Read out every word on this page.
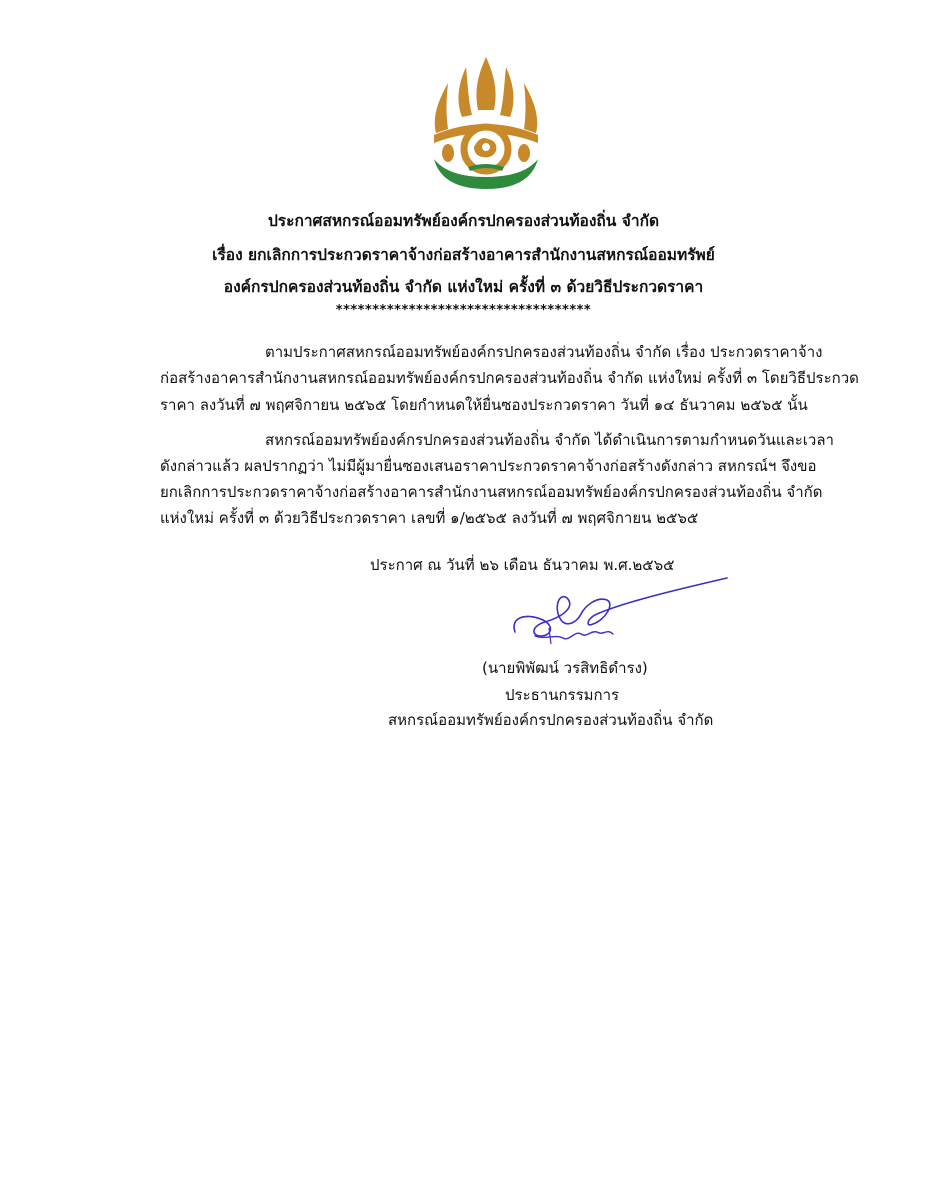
ประกาศสหกรณ์ออมทรัพย์องค์กรปกครองส่วนท้องถิ่น จำกัด
เรื่อง ยกเลิกการประกวดราคาจ้างก่อสร้างอาคารสำนักงานสหกรณ์ออมทรัพย์
องค์กรปกครองส่วนท้องถิ่น จำกัด แห่งใหม่ ครั้งที่ ๓ ด้วยวิธีประกวดราคา
***********************************
ตามประกาศสหกรณ์ออมทรัพย์องค์กรปกครองส่วนท้องถิ่น จำกัด เรื่อง ประกวดราคาจ้าง
ก่อสร้างอาคารสำนักงานสหกรณ์ออมทรัพย์องค์กรปกครองส่วนท้องถิ่น จำกัด แห่งใหม่ ครั้งที่ ๓ โดยวิธีประกวด
ราคา ลงวันที่ ๗ พฤศจิกายน ๒๕๖๕ โดยกำหนดให้ยื่นซองประกวดราคา วันที่ ๑๔ ธันวาคม ๒๕๖๕ นั้น
สหกรณ์ออมทรัพย์องค์กรปกครองส่วนท้องถิ่น จำกัด ได้ดำเนินการตามกำหนดวันและเวลา
ดังกล่าวแล้ว ผลปรากฏว่า ไม่มีผู้มายื่นซองเสนอราคาประกวดราคาจ้างก่อสร้างดังกล่าว สหกรณ์ฯ จึงขอ
ยกเลิกการประกวดราคาจ้างก่อสร้างอาคารสำนักงานสหกรณ์ออมทรัพย์องค์กรปกครองส่วนท้องถิ่น จำกัด
แห่งใหม่ ครั้งที่ ๓ ด้วยวิธีประกวดราคา เลขที่ ๑/๒๕๖๕ ลงวันที่ ๗ พฤศจิกายน ๒๕๖๕
ประกาศ ณ วันที่ ๒๖ เดือน ธันวาคม พ.ศ.๒๕๖๕
(นายพิพัฒน์ วรสิทธิดำรง)
ประธานกรรมการ
สหกรณ์ออมทรัพย์องค์กรปกครองส่วนท้องถิ่น จำกัด
